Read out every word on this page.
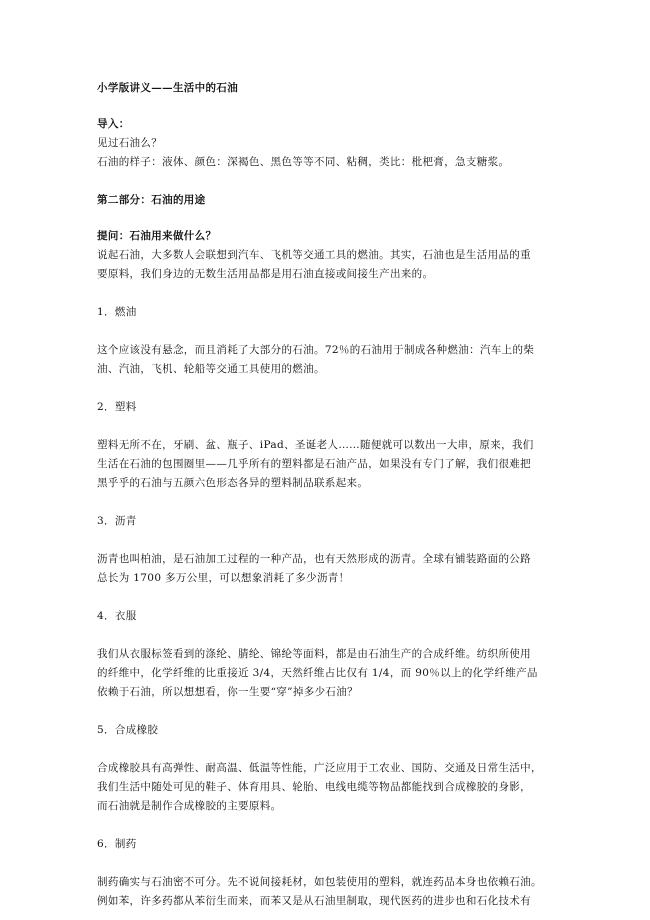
小学版讲义——生活中的石油

导入：

见过石油么？

石油的样子：液体、颜色：深褐色、黑色等等不同、粘稠，类比：枇杷膏，急支糖浆。

第二部分：石油的用途

提问：石油用来做什么？

说起石油，大多数人会联想到汽车、飞机等交通工具的燃油。其实，石油也是生活用品的重

要原料，我们身边的无数生活用品都是用石油直接或间接生产出来的。

1．燃油

这个应该没有悬念，而且消耗了大部分的石油。72％的石油用于制成各种燃油：汽车上的柴

油、汽油，飞机、轮船等交通工具使用的燃油。

2．塑料

塑料无所不在，牙刷、盆、瓶子、iPad、圣诞老人……随便就可以数出一大串，原来，我们

生活在石油的包围圈里——几乎所有的塑料都是石油产品，如果没有专门了解，我们很难把

黑乎乎的石油与五颜六色形态各异的塑料制品联系起来。

3．沥青

沥青也叫柏油，是石油加工过程的一种产品，也有天然形成的沥青。全球有铺装路面的公路

总长为 1700 多万公里，可以想象消耗了多少沥青！

4．衣服

我们从衣服标签看到的涤纶、腈纶、锦纶等面料，都是由石油生产的合成纤维。纺织所使用

的纤维中，化学纤维的比重接近 3/4，天然纤维占比仅有 1/4，而 90％以上的化学纤维产品

依赖于石油，所以想想看，你一生要“穿”掉多少石油？

5．合成橡胶

合成橡胶具有高弹性、耐高温、低温等性能，广泛应用于工农业、国防、交通及日常生活中，

我们生活中随处可见的鞋子、体育用具、轮胎、电线电缆等物品都能找到合成橡胶的身影，

而石油就是制作合成橡胶的主要原料。

6．制药

制药确实与石油密不可分。先不说间接耗材，如包装使用的塑料，就连药品本身也依赖石油。

例如苯，许多药都从苯衍生而来，而苯又是从石油里制取，现代医药的进步也和石化技术有
